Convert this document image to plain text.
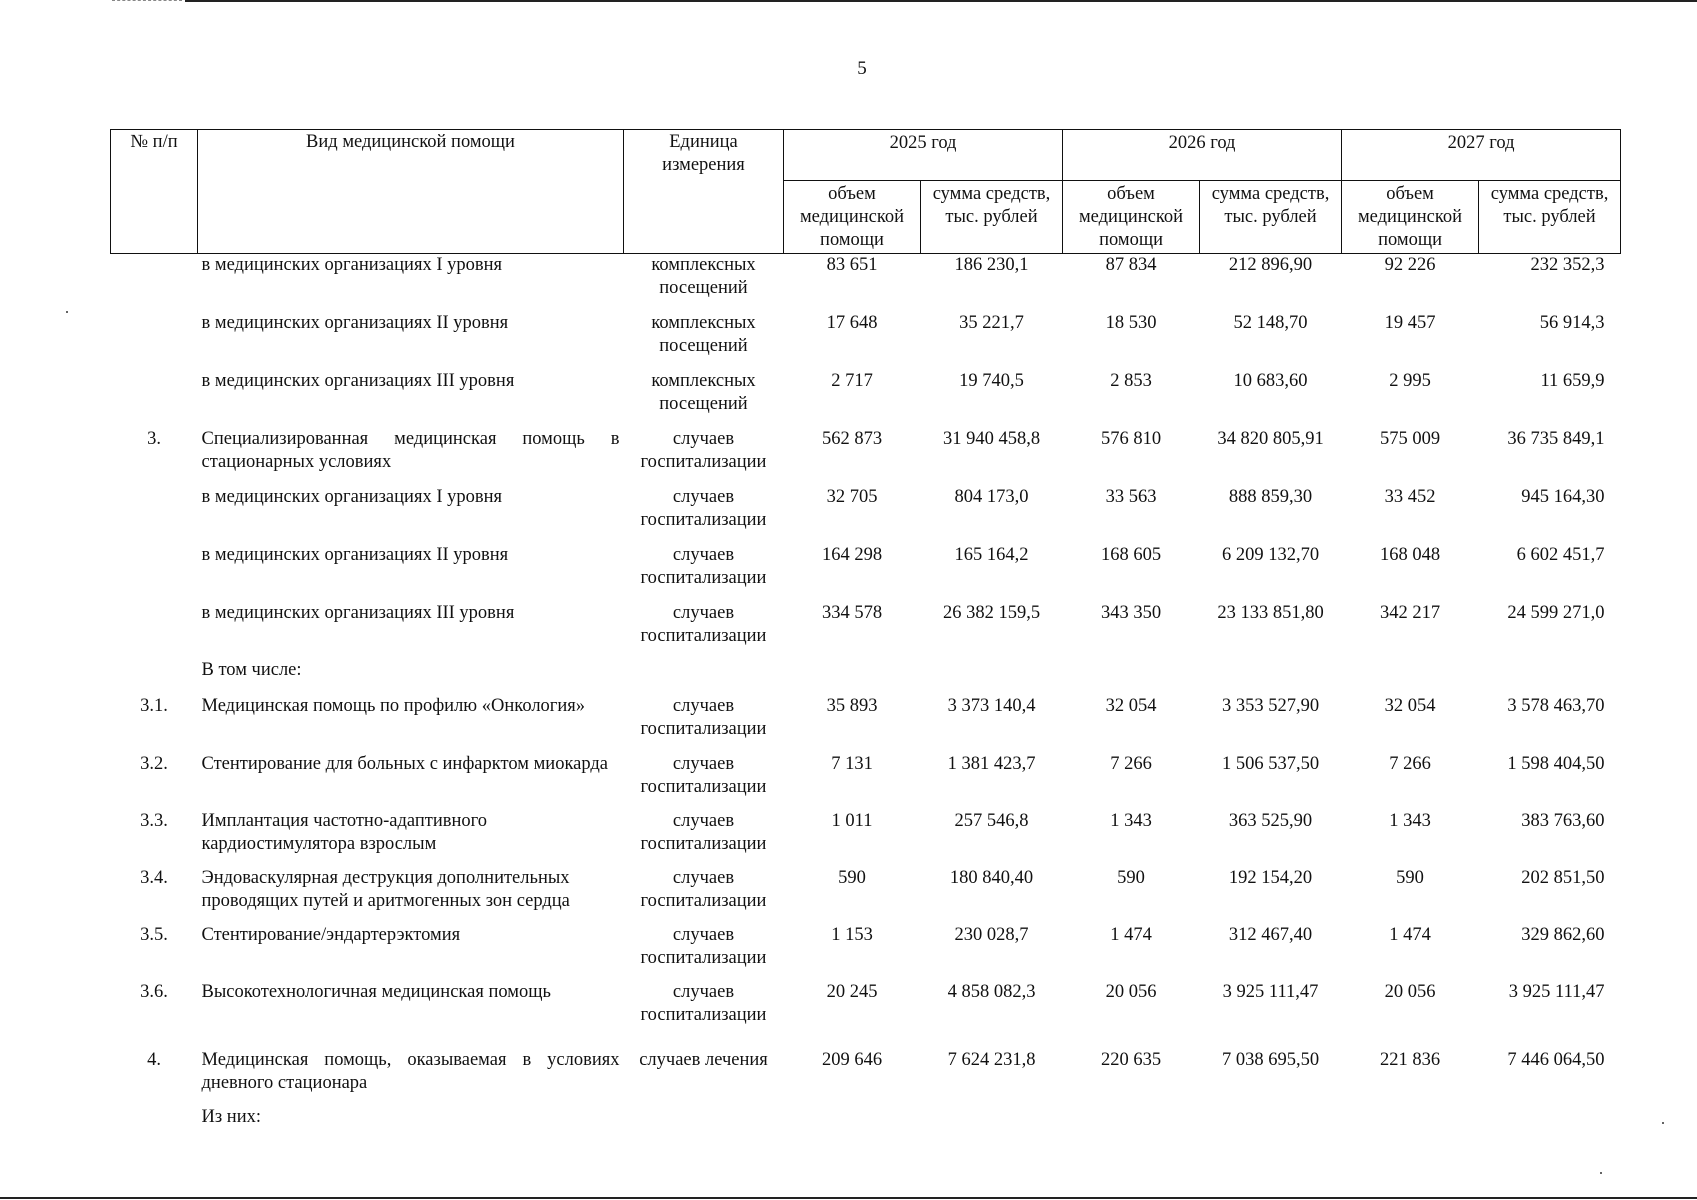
5
№ п/п	Вид медицинской помощи	Единица измерения	2025 год		2026 год		2027 год	
			объем медицинской помощи	сумма средств, тыс. рублей	объем медицинской помощи	сумма средств, тыс. рублей	объем медицинской помощи	сумма средств, тыс. рублей
	в медицинских организациях I уровня	комплексных посещений	83 651	186 230,1	87 834	212 896,90	92 226	232 352,3
	в медицинских организациях II уровня	комплексных посещений	17 648	35 221,7	18 530	52 148,70	19 457	56 914,3
	в медицинских организациях III уровня	комплексных посещений	2 717	19 740,5	2 853	10 683,60	2 995	11 659,9
3.	Специализированная медицинская помощь в стационарных условиях	случаев госпитализации	562 873	31 940 458,8	576 810	34 820 805,91	575 009	36 735 849,1
	в медицинских организациях I уровня	случаев госпитализации	32 705	804 173,0	33 563	888 859,30	33 452	945 164,30
	в медицинских организациях II уровня	случаев госпитализации	164 298	165 164,2	168 605	6 209 132,70	168 048	6 602 451,7
	в медицинских организациях III уровня	случаев госпитализации	334 578	26 382 159,5	343 350	23 133 851,80	342 217	24 599 271,0
	В том числе:							
3.1.	Медицинская помощь по профилю «Онкология»	случаев госпитализации	35 893	3 373 140,4	32 054	3 353 527,90	32 054	3 578 463,70
3.2.	Стентирование для больных с инфарктом миокарда	случаев госпитализации	7 131	1 381 423,7	7 266	1 506 537,50	7 266	1 598 404,50
3.3.	Имплантация частотно-адаптивного кардиостимулятора взрослым	случаев госпитализации	1 011	257 546,8	1 343	363 525,90	1 343	383 763,60
3.4.	Эндоваскулярная деструкция дополнительных проводящих путей и аритмогенных зон сердца	случаев госпитализации	590	180 840,40	590	192 154,20	590	202 851,50
3.5.	Стентирование/эндартерэктомия	случаев госпитализации	1 153	230 028,7	1 474	312 467,40	1 474	329 862,60
3.6.	Высокотехнологичная медицинская помощь	случаев госпитализации	20 245	4 858 082,3	20 056	3 925 111,47	20 056	3 925 111,47
4.	Медицинская помощь, оказываемая в условиях дневного стационара	случаев лечения	209 646	7 624 231,8	220 635	7 038 695,50	221 836	7 446 064,50
	Из них:							
